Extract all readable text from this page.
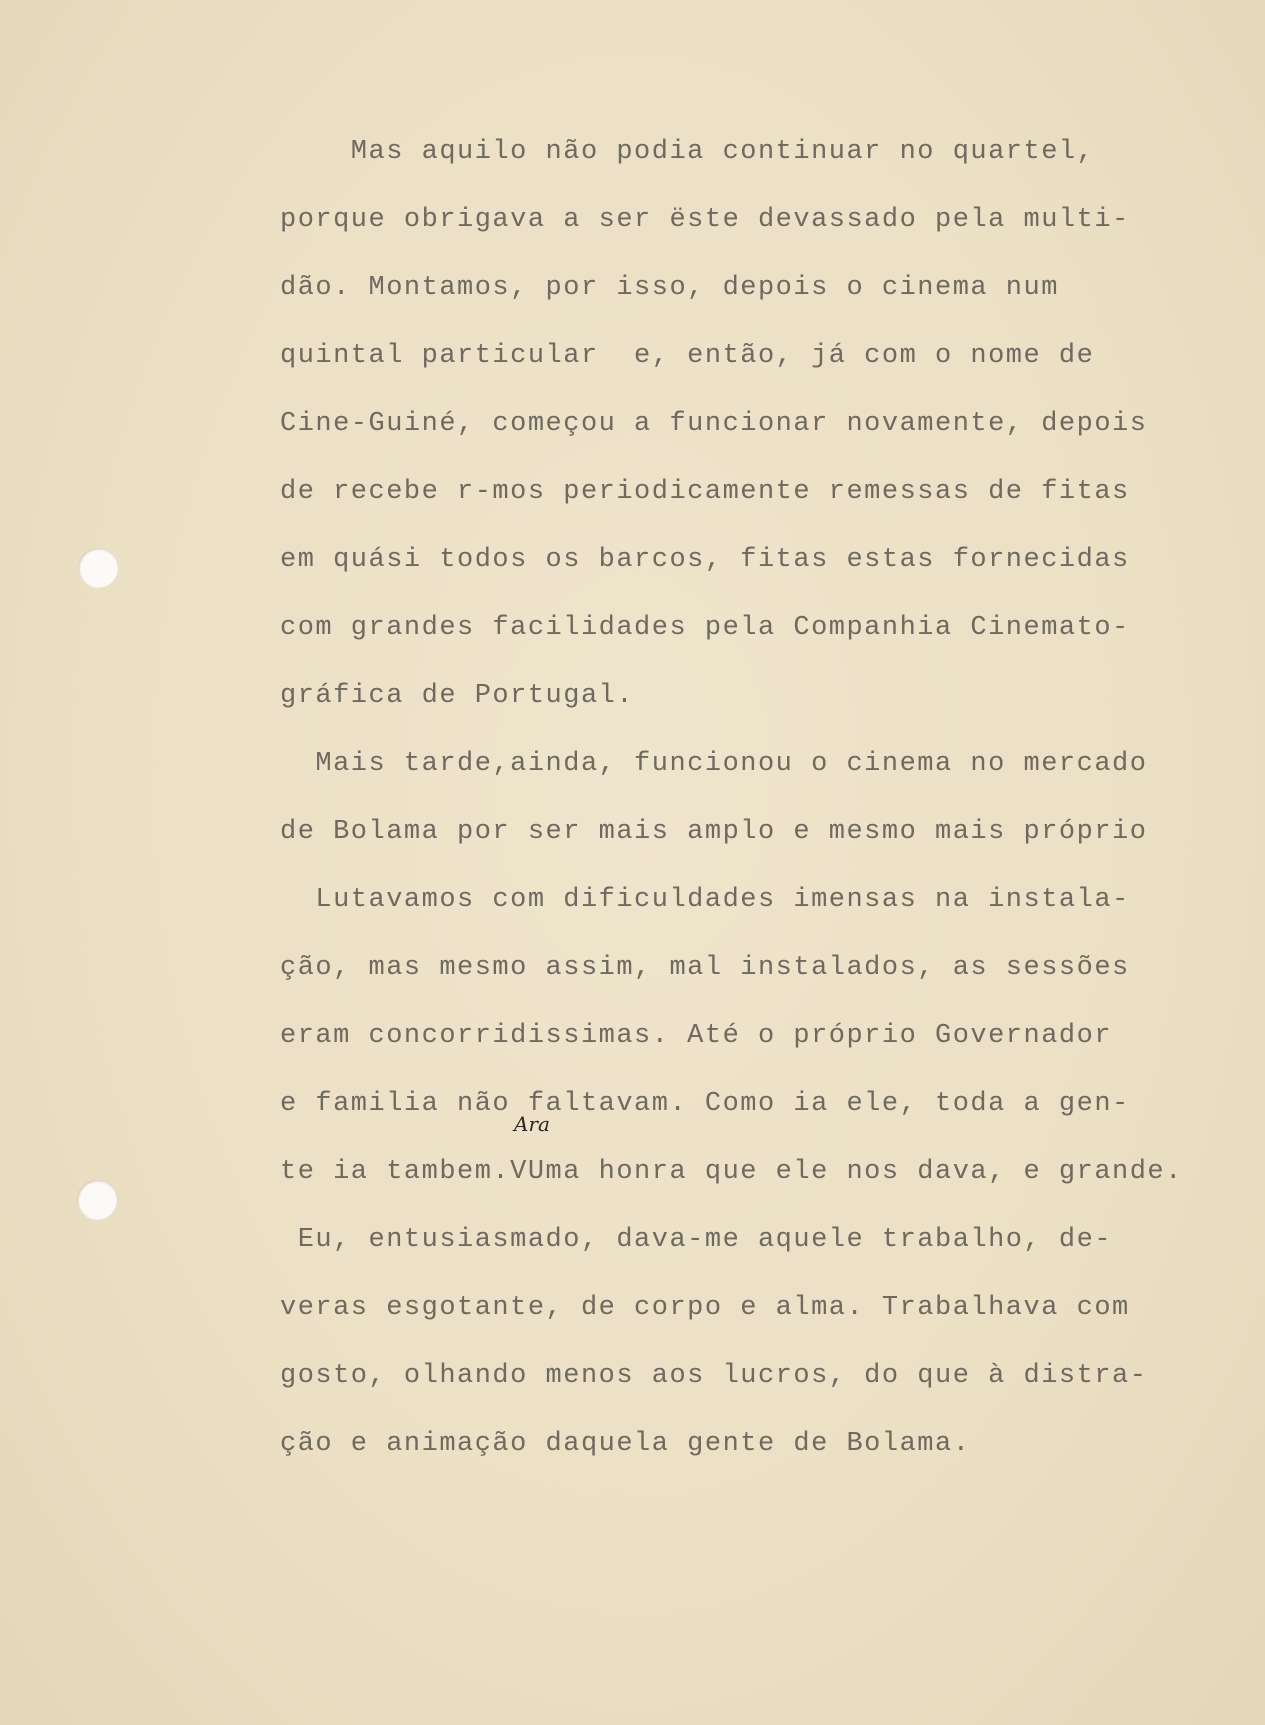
Ara
Mas aquilo não podia continuar no quartel,
porque obrigava a ser ëste devassado pela multi-
dão. Montamos, por isso, depois o cinema num
quintal particular  e, então, já com o nome de
Cine-Guiné, começou a funcionar novamente, depois
de recebe r-mos periodicamente remessas de fitas
em quási todos os barcos, fitas estas fornecidas
com grandes facilidades pela Companhia Cinemato-
gráfica de Portugal.
Mais tarde,ainda, funcionou o cinema no mercado
de Bolama por ser mais amplo e mesmo mais próprio
Lutavamos com dificuldades imensas na instala-
ção, mas mesmo assim, mal instalados, as sessões
eram concorridissimas. Até o próprio Governador
e familia não faltavam. Como ia ele, toda a gen-
te ia tambem.VUma honra que ele nos dava, e grande.
Eu, entusiasmado, dava-me aquele trabalho, de-
veras esgotante, de corpo e alma. Trabalhava com
gosto, olhando menos aos lucros, do que à distra-
ção e animação daquela gente de Bolama.
